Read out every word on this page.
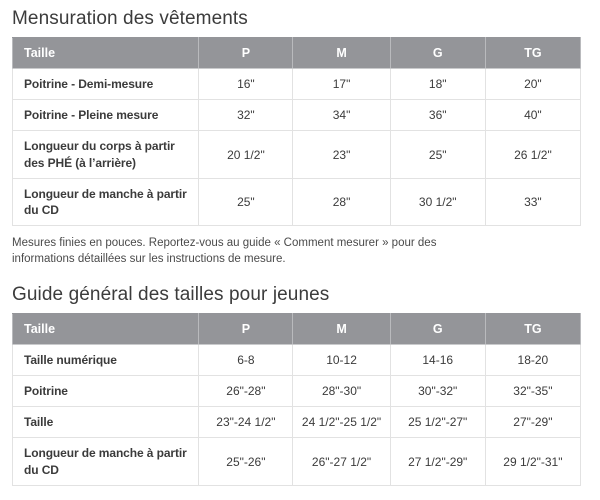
Mensuration des vêtements
Taille	P	M	G	TG
Poitrine - Demi-mesure	16"	17"	18"	20"
Poitrine - Pleine mesure	32"	34"	36"	40"
Longueur du corps à partir des PHÉ (à l’arrière)	20 1/2"	23"	25"	26 1/2"
Longueur de manche à partir du CD	25"	28"	30 1/2"	33"

Mesures finies en pouces. Reportez-vous au guide « Comment mesurer » pour des informations détaillées sur les instructions de mesure.

Guide général des tailles pour jeunes
Taille	P	M	G	TG
Taille numérique	6-8	10-12	14-16	18-20
Poitrine	26"-28"	28"-30"	30"-32"	32"-35"
Taille	23"-24 1/2"	24 1/2"-25 1/2"	25 1/2"-27"	27"-29"
Longueur de manche à partir du CD	25"-26"	26"-27 1/2"	27 1/2"-29"	29 1/2"-31"
